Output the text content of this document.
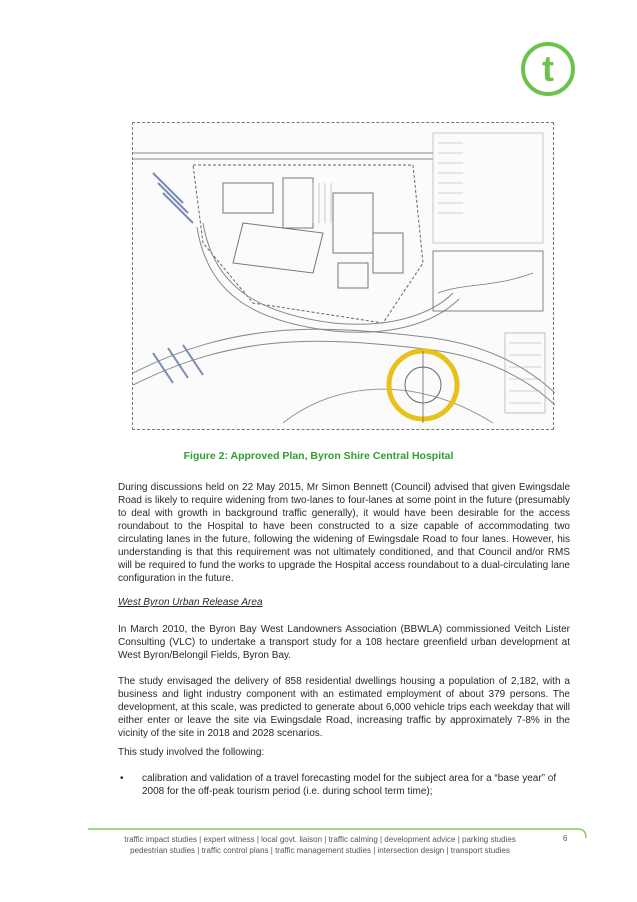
t
Figure 2: Approved Plan, Byron Shire Central Hospital

During discussions held on 22 May 2015, Mr Simon Bennett (Council) advised that given Ewingsdale Road is likely to require widening from two-lanes to four-lanes at some point in the future (presumably to deal with growth in background traffic generally), it would have been desirable for the access roundabout to the Hospital to have been constructed to a size capable of accommodating two circulating lanes in the future, following the widening of Ewingsdale Road to four lanes. However, his understanding is that this requirement was not ultimately conditioned, and that Council and/or RMS will be required to fund the works to upgrade the Hospital access roundabout to a dual-circulating lane configuration in the future.

West Byron Urban Release Area

In March 2010, the Byron Bay West Landowners Association (BBWLA) commissioned Veitch Lister Consulting (VLC) to undertake a transport study for a 108 hectare greenfield urban development at West Byron/Belongil Fields, Byron Bay.

The study envisaged the delivery of 858 residential dwellings housing a population of 2,182, with a business and light industry component with an estimated employment of about 379 persons. The development, at this scale, was predicted to generate about 6,000 vehicle trips each weekday that will either enter or leave the site via Ewingsdale Road, increasing traffic by approximately 7-8% in the vicinity of the site in 2018 and 2028 scenarios.

This study involved the following:

• calibration and validation of a travel forecasting model for the subject area for a “base year” of 2008 for the off-peak tourism period (i.e. during school term time);
traffic impact studies | expert witness | local govt. liaison | traffic calming | development advice | parking studies
pedestrian studies | traffic control plans | traffic management studies | intersection design | transport studies
6
